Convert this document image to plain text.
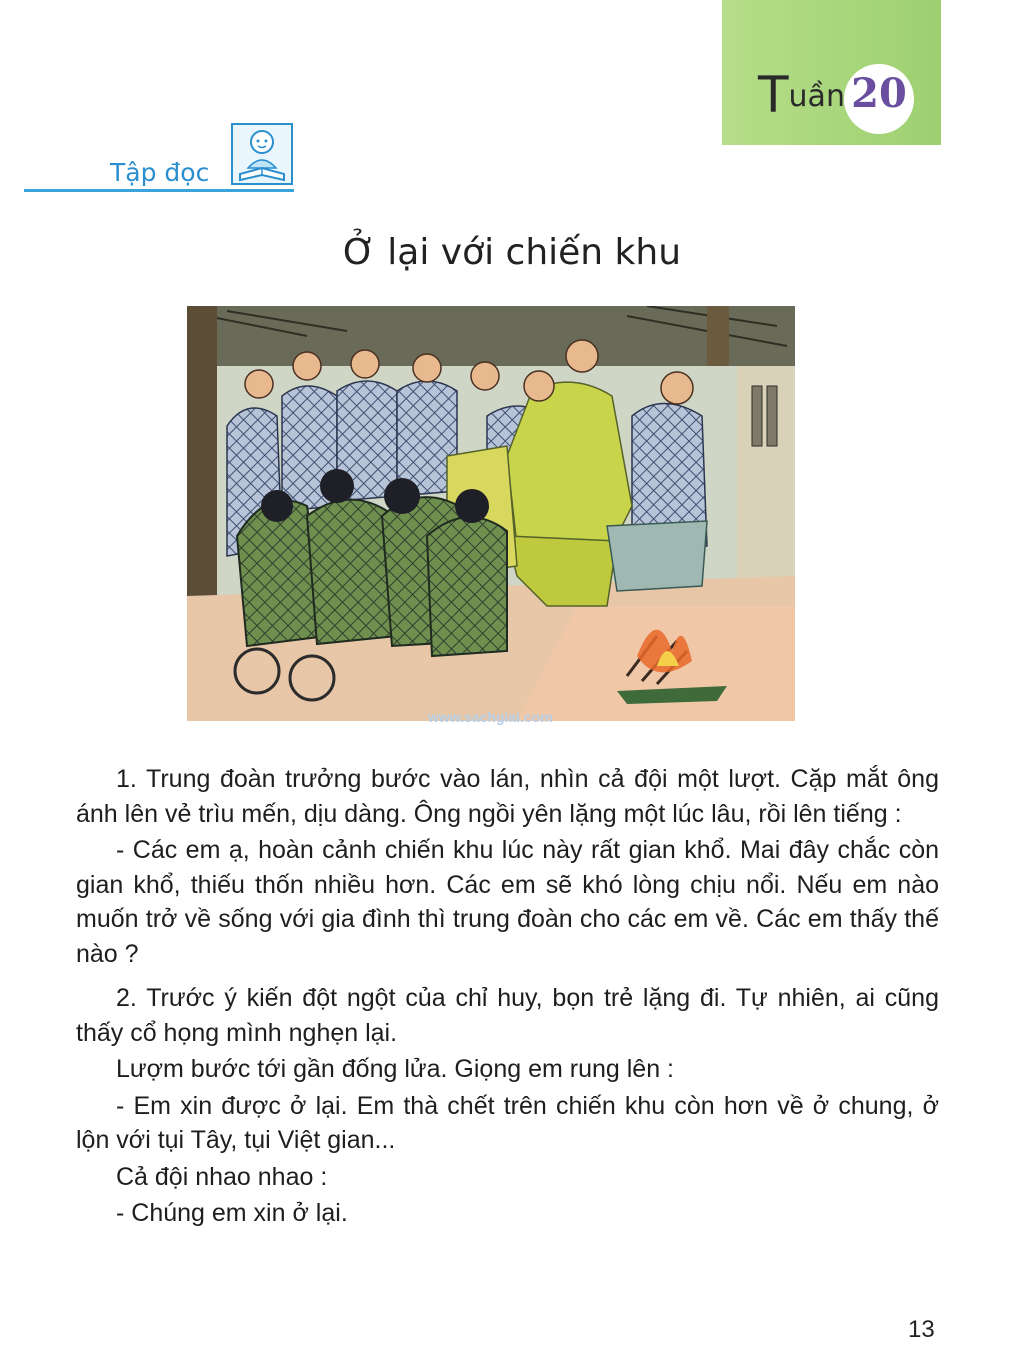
Tuần 20
Tập đọc
Ở lại với chiến khu
www.sachgiai.com

1. Trung đoàn trưởng bước vào lán, nhìn cả đội một lượt. Cặp mắt ông ánh lên vẻ trìu mến, dịu dàng. Ông ngồi yên lặng một lúc lâu, rồi lên tiếng :

- Các em ạ, hoàn cảnh chiến khu lúc này rất gian khổ. Mai đây chắc còn gian khổ, thiếu thốn nhiều hơn. Các em sẽ khó lòng chịu nổi. Nếu em nào muốn trở về sống với gia đình thì trung đoàn cho các em về. Các em thấy thế nào ?

2. Trước ý kiến đột ngột của chỉ huy, bọn trẻ lặng đi. Tự nhiên, ai cũng thấy cổ họng mình nghẹn lại.

Lượm bước tới gần đống lửa. Giọng em rung lên :

- Em xin được ở lại. Em thà chết trên chiến khu còn hơn về ở chung, ở lộn với tụi Tây, tụi Việt gian...

Cả đội nhao nhao :

- Chúng em xin ở lại.

13
